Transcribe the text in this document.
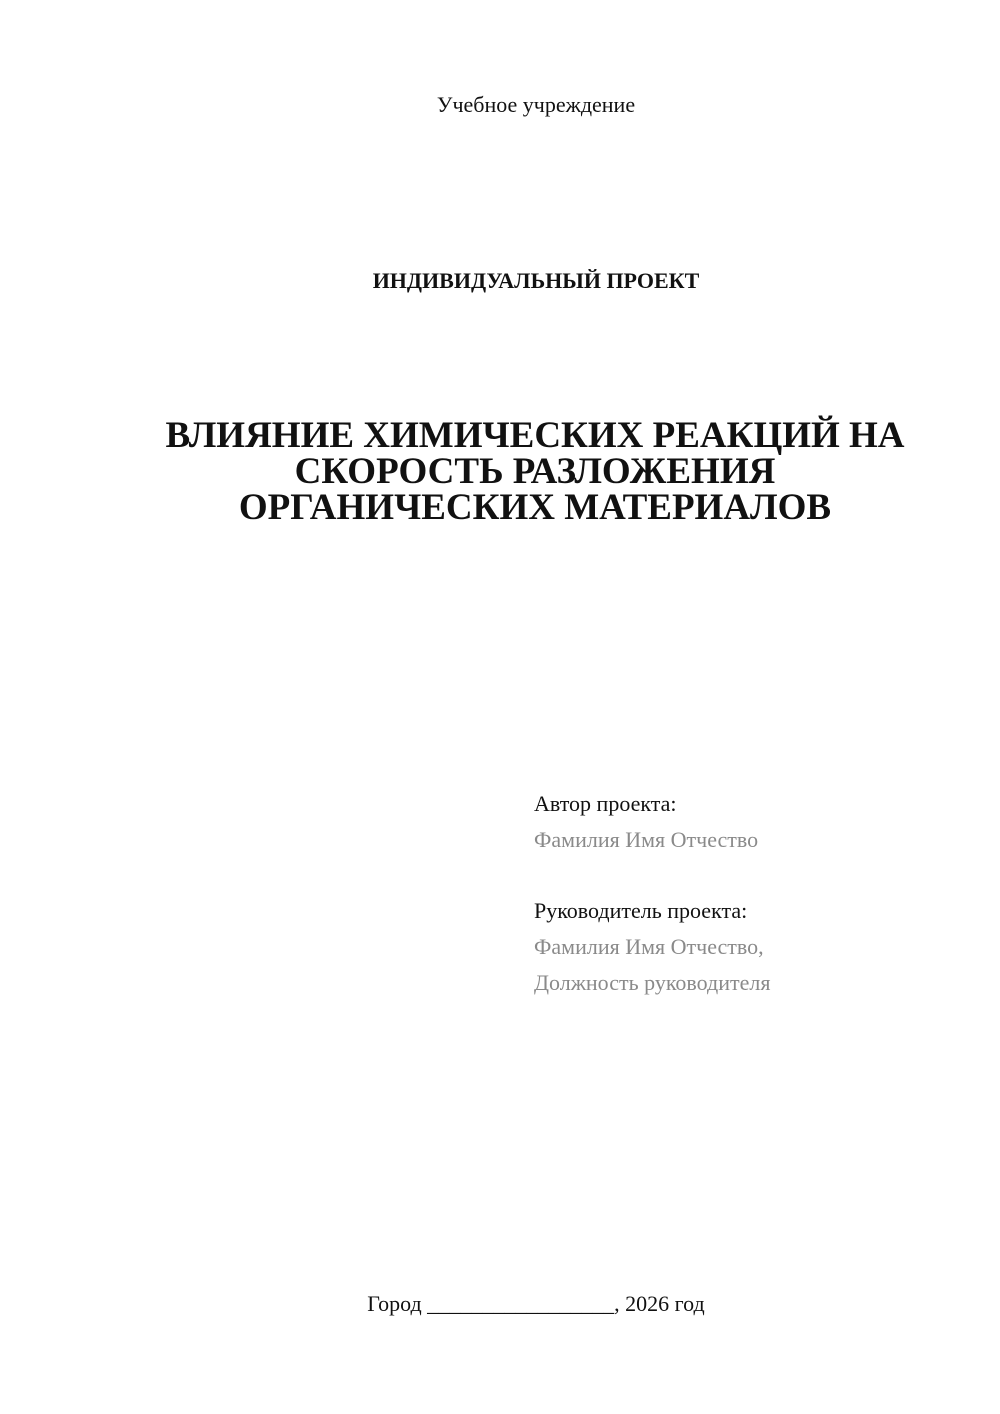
Учебное учреждение
ИНДИВИДУАЛЬНЫЙ ПРОЕКТ
ВЛИЯНИЕ ХИМИЧЕСКИХ РЕАКЦИЙ НА
СКОРОСТЬ РАЗЛОЖЕНИЯ
ОРГАНИЧЕСКИХ МАТЕРИАЛОВ
Автор проекта:
Фамилия Имя Отчество
Руководитель проекта:
Фамилия Имя Отчество,
Должность руководителя
Город _________________, 2026 год
